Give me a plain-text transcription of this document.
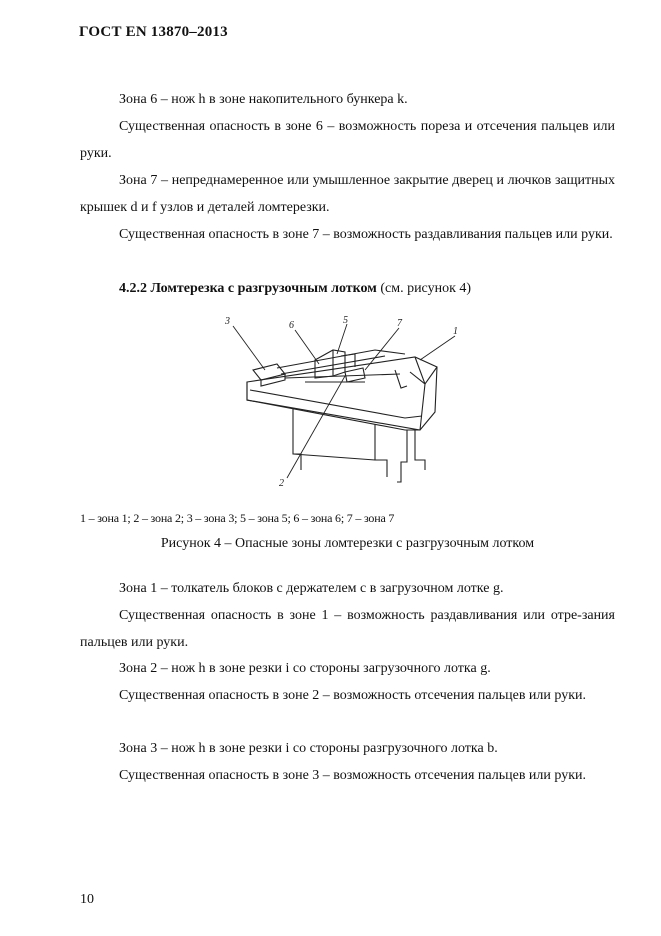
ГОСТ EN 13870–2013
Зона 6 – нож h в зоне накопительного бункера k.
Существенная опасность в зоне 6 – возможность пореза и отсечения пальцев или руки.
Зона 7 – непреднамеренное или умышленное закрытие дверец и лючков защитных крышек d и f узлов и деталей ломтерезки.
Существенная опасность в зоне 7 – возможность раздавливания пальцев или руки.
4.2.2 Ломтерезка с разгрузочным лотком (см. рисунок 4)
3	6	5	7
1
2
1 – зона 1; 2 – зона 2; 3 – зона 3; 5 – зона 5; 6 – зона 6; 7 – зона 7
Рисунок 4 – Опасные зоны ломтерезки с разгрузочным лотком
Зона 1 – толкатель блоков с держателем c в загрузочном лотке g.
Существенная опасность в зоне 1 – возможность раздавливания или отре-зания пальцев или руки.
Зона 2 – нож h в зоне резки i со стороны загрузочного лотка g.
Существенная опасность в зоне 2 – возможность отсечения пальцев или руки.
Зона 3 – нож h в зоне резки i со стороны разгрузочного лотка b.
Существенная опасность в зоне 3 – возможность отсечения пальцев или руки.
10
